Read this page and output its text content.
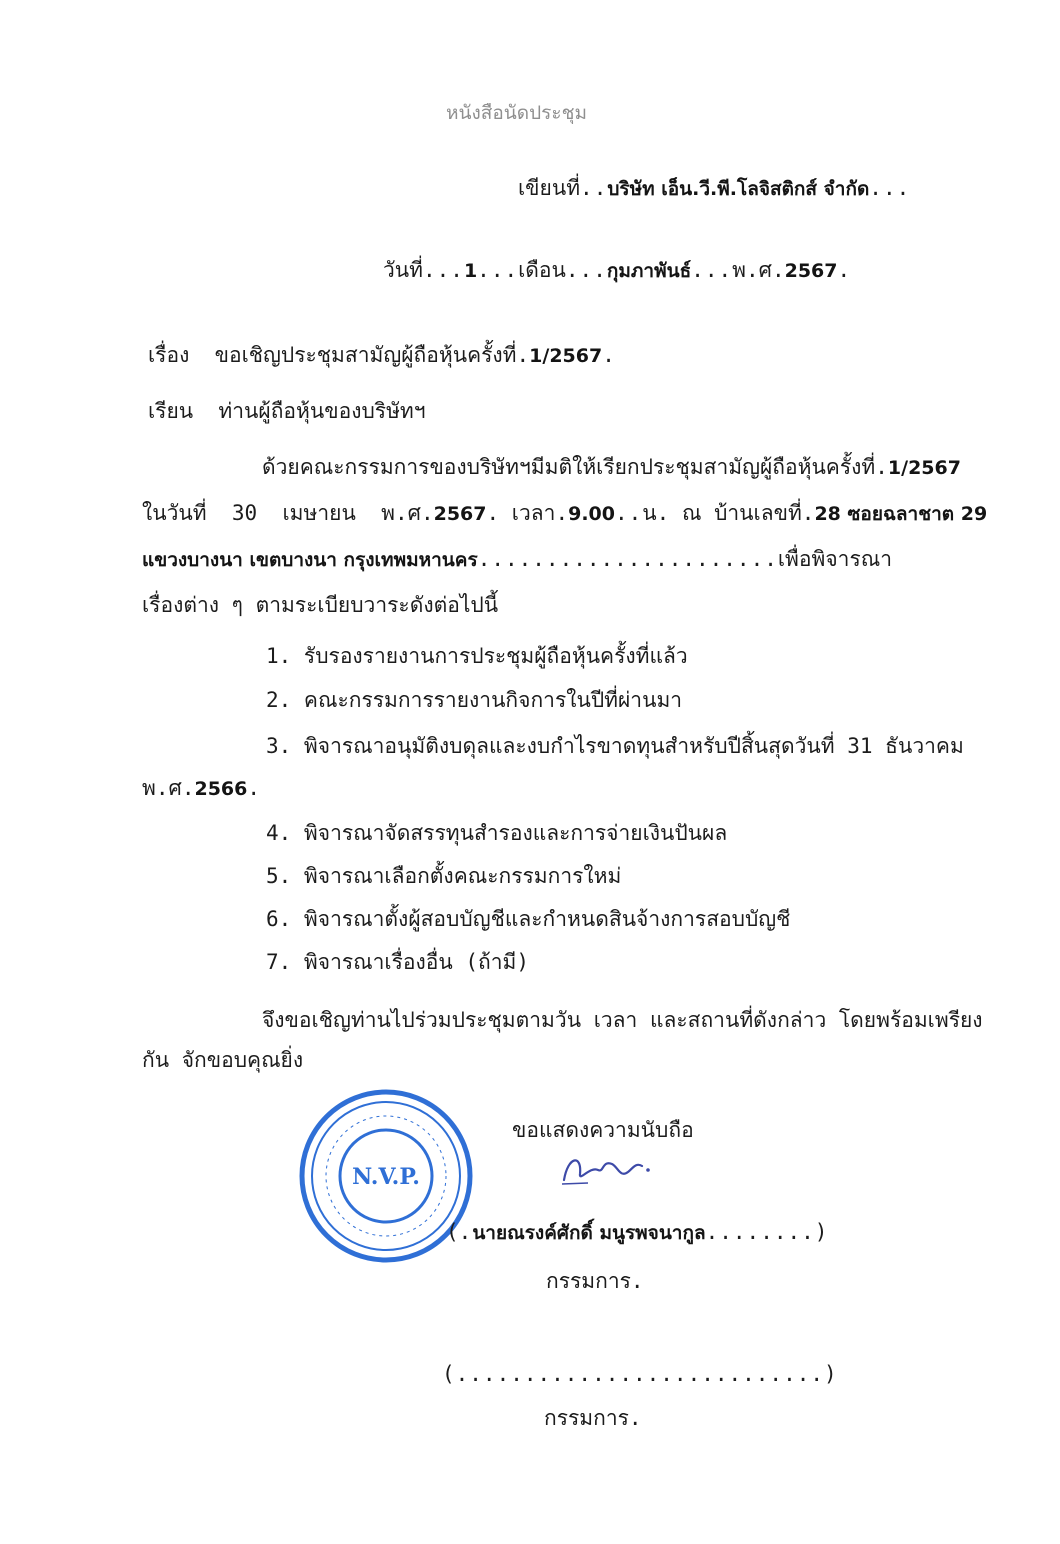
หนังสือนัดประชุม
เขียนที่..บริษัท เอ็น.วี.พี.โลจิสติกส์ จำกัด...
วันที่...1...เดือน...กุมภาพันธ์...พ.ศ.2567.
เรื่อง ขอเชิญประชุมสามัญผู้ถือหุ้นครั้งที่.1/2567.
เรียน ท่านผู้ถือหุ้นของบริษัทฯ
ด้วยคณะกรรมการของบริษัทฯมีมติให้เรียกประชุมสามัญผู้ถือหุ้นครั้งที่.1/2567
ในวันที่ 30 เมษายน พ.ศ.2567. เวลา.9.00..น. ณ บ้านเลขที่.28 ซอยฉลาชาต 29
แขวงบางนา เขตบางนา กรุงเทพมหานคร......................เพื่อพิจารณา
เรื่องต่าง ๆ ตามระเบียบวาระดังต่อไปนี้
1. รับรองรายงานการประชุมผู้ถือหุ้นครั้งที่แล้ว
2. คณะกรรมการรายงานกิจการในปีที่ผ่านมา
3. พิจารณาอนุมัติงบดุลและงบกำไรขาดทุนสำหรับปีสิ้นสุดวันที่ 31 ธันวาคม
พ.ศ.2566.
4. พิจารณาจัดสรรทุนสำรองและการจ่ายเงินปันผล
5. พิจารณาเลือกตั้งคณะกรรมการใหม่
6. พิจารณาตั้งผู้สอบบัญชีและกำหนดสินจ้างการสอบบัญชี
7. พิจารณาเรื่องอื่น (ถ้ามี)
จึงขอเชิญท่านไปร่วมประชุมตามวัน เวลา และสถานที่ดังกล่าว โดยพร้อมเพรียง
กัน จักขอบคุณยิ่ง
ขอแสดงความนับถือ
N.V.P.
(.นายณรงค์ศักดิ์ มนูรพจนากูล........)
กรรมการ.
(...........................)
กรรมการ.
